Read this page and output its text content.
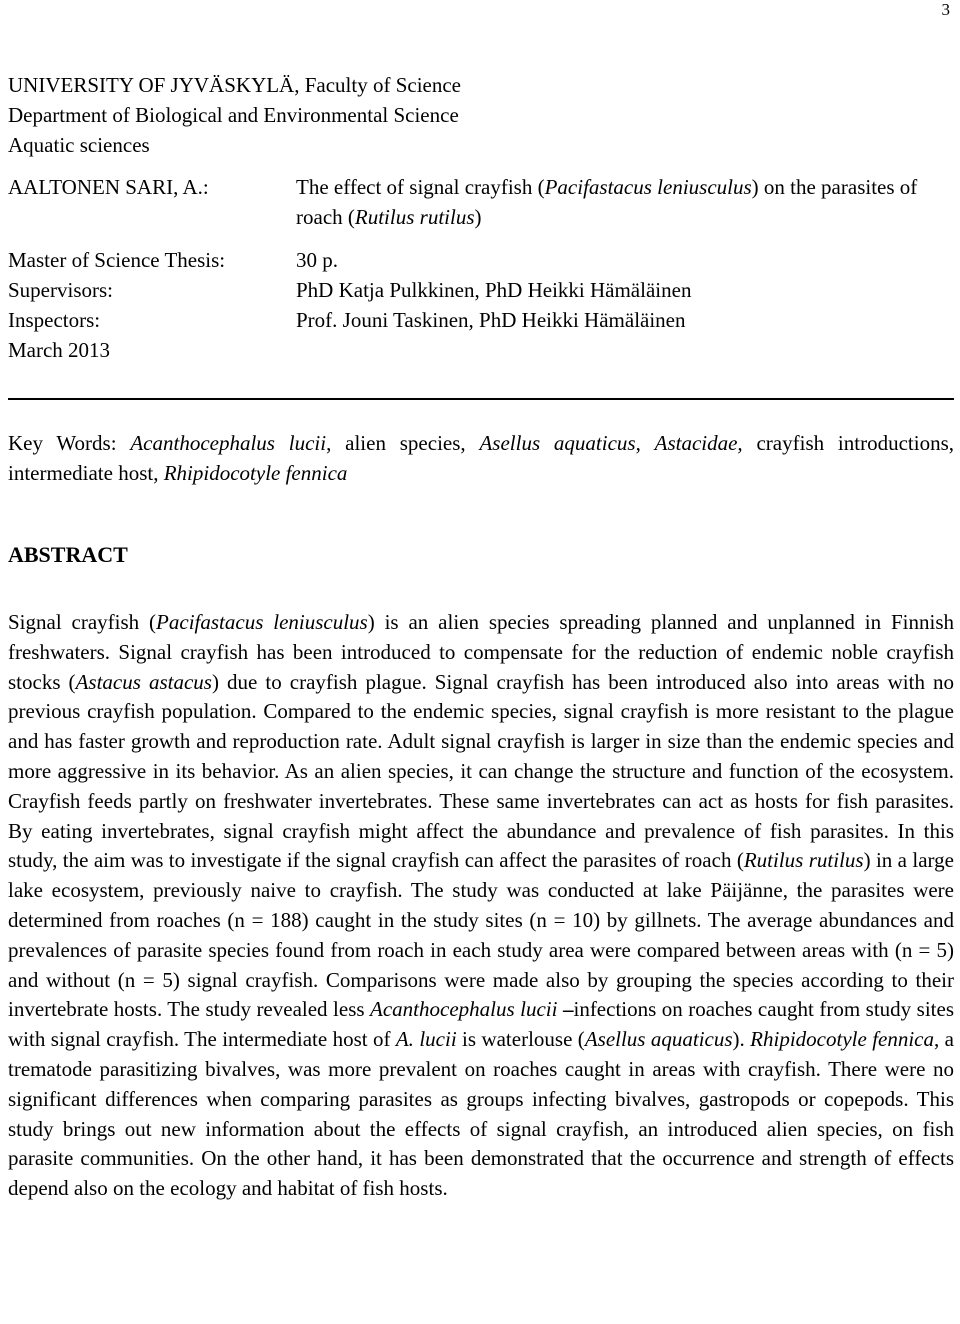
3
UNIVERSITY OF JYVÄSKYLÄ, Faculty of Science
Department of Biological and Environmental Science
Aquatic sciences
AALTONEN SARI, A.:	The effect of signal crayfish (Pacifastacus leniusculus) on the parasites of roach (Rutilus rutilus)
Master of Science Thesis:	30 p.
Supervisors:	PhD Katja Pulkkinen, PhD Heikki Hämäläinen
Inspectors:	Prof. Jouni Taskinen, PhD Heikki Hämäläinen
March 2013
Key Words: Acanthocephalus lucii, alien species, Asellus aquaticus, Astacidae, crayfish introductions, intermediate host, Rhipidocotyle fennica
ABSTRACT
Signal crayfish (Pacifastacus leniusculus) is an alien species spreading planned and unplanned in Finnish freshwaters. Signal crayfish has been introduced to compensate for the reduction of endemic noble crayfish stocks (Astacus astacus) due to crayfish plague. Signal crayfish has been introduced also into areas with no previous crayfish population. Compared to the endemic species, signal crayfish is more resistant to the plague and has faster growth and reproduction rate. Adult signal crayfish is larger in size than the endemic species and more aggressive in its behavior. As an alien species, it can change the structure and function of the ecosystem. Crayfish feeds partly on freshwater invertebrates. These same invertebrates can act as hosts for fish parasites. By eating invertebrates, signal crayfish might affect the abundance and prevalence of fish parasites. In this study, the aim was to investigate if the signal crayfish can affect the parasites of roach (Rutilus rutilus) in a large lake ecosystem, previously naive to crayfish. The study was conducted at lake Päijänne, the parasites were determined from roaches (n = 188) caught in the study sites (n = 10) by gillnets. The average abundances and prevalences of parasite species found from roach in each study area were compared between areas with (n = 5) and without (n = 5) signal crayfish. Comparisons were made also by grouping the species according to their invertebrate hosts. The study revealed less Acanthocephalus lucii –infections on roaches caught from study sites with signal crayfish. The intermediate host of A. lucii is waterlouse (Asellus aquaticus). Rhipidocotyle fennica, a trematode parasitizing bivalves, was more prevalent on roaches caught in areas with crayfish. There were no significant differences when comparing parasites as groups infecting bivalves, gastropods or copepods. This study brings out new information about the effects of signal crayfish, an introduced alien species, on fish parasite communities. On the other hand, it has been demonstrated that the occurrence and strength of effects depend also on the ecology and habitat of fish hosts.
